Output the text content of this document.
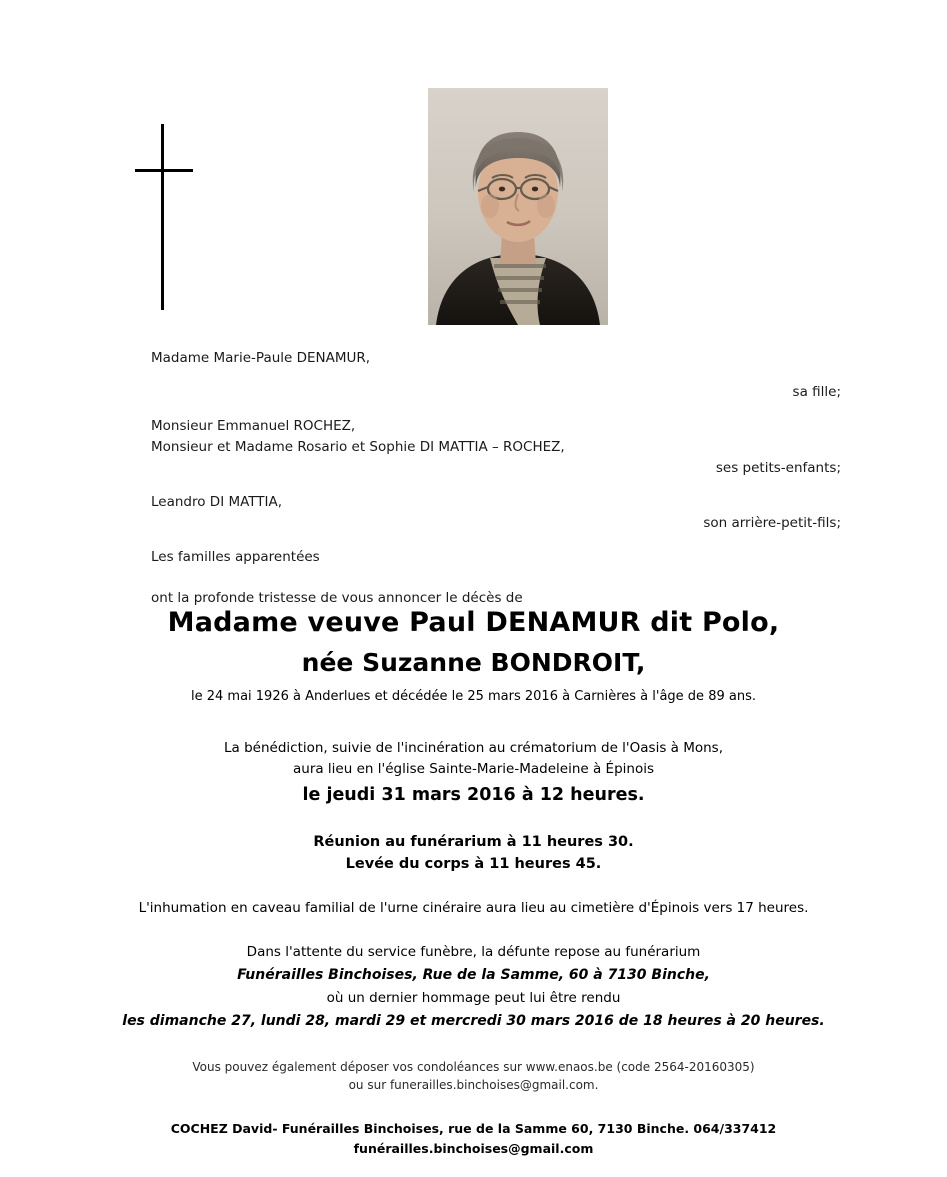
Madame Marie-Paule DENAMUR,
sa fille;
Monsieur Emmanuel ROCHEZ,
Monsieur et Madame Rosario et Sophie DI MATTIA – ROCHEZ,
ses petits-enfants;
Leandro DI MATTIA,
son arrière-petit-fils;
Les familles apparentées
ont la profonde tristesse de vous annoncer le décès de
Madame veuve Paul DENAMUR dit Polo,
née Suzanne BONDROIT,
le 24 mai 1926 à Anderlues et décédée le 25 mars 2016 à Carnières à l'âge de 89 ans.
La bénédiction, suivie de l'incinération au crématorium de l'Oasis à Mons,
aura lieu en l'église Sainte-Marie-Madeleine à Épinois
le jeudi 31 mars 2016 à 12 heures.
Réunion au funérarium à 11 heures 30.
Levée du corps à 11 heures 45.
L'inhumation en caveau familial de l'urne cinéraire aura lieu au cimetière d'Épinois vers 17 heures.
Dans l'attente du service funèbre, la défunte repose au funérarium
Funérailles Binchoises, Rue de la Samme, 60 à 7130 Binche,
où un dernier hommage peut lui être rendu
les dimanche 27, lundi 28, mardi 29 et mercredi 30 mars 2016 de 18 heures à 20 heures.
Vous pouvez également déposer vos condoléances sur www.enaos.be (code 2564-20160305)
ou sur funerailles.binchoises@gmail.com.
COCHEZ David- Funérailles Binchoises, rue de la Samme 60, 7130 Binche. 064/337412
funérailles.binchoises@gmail.com
